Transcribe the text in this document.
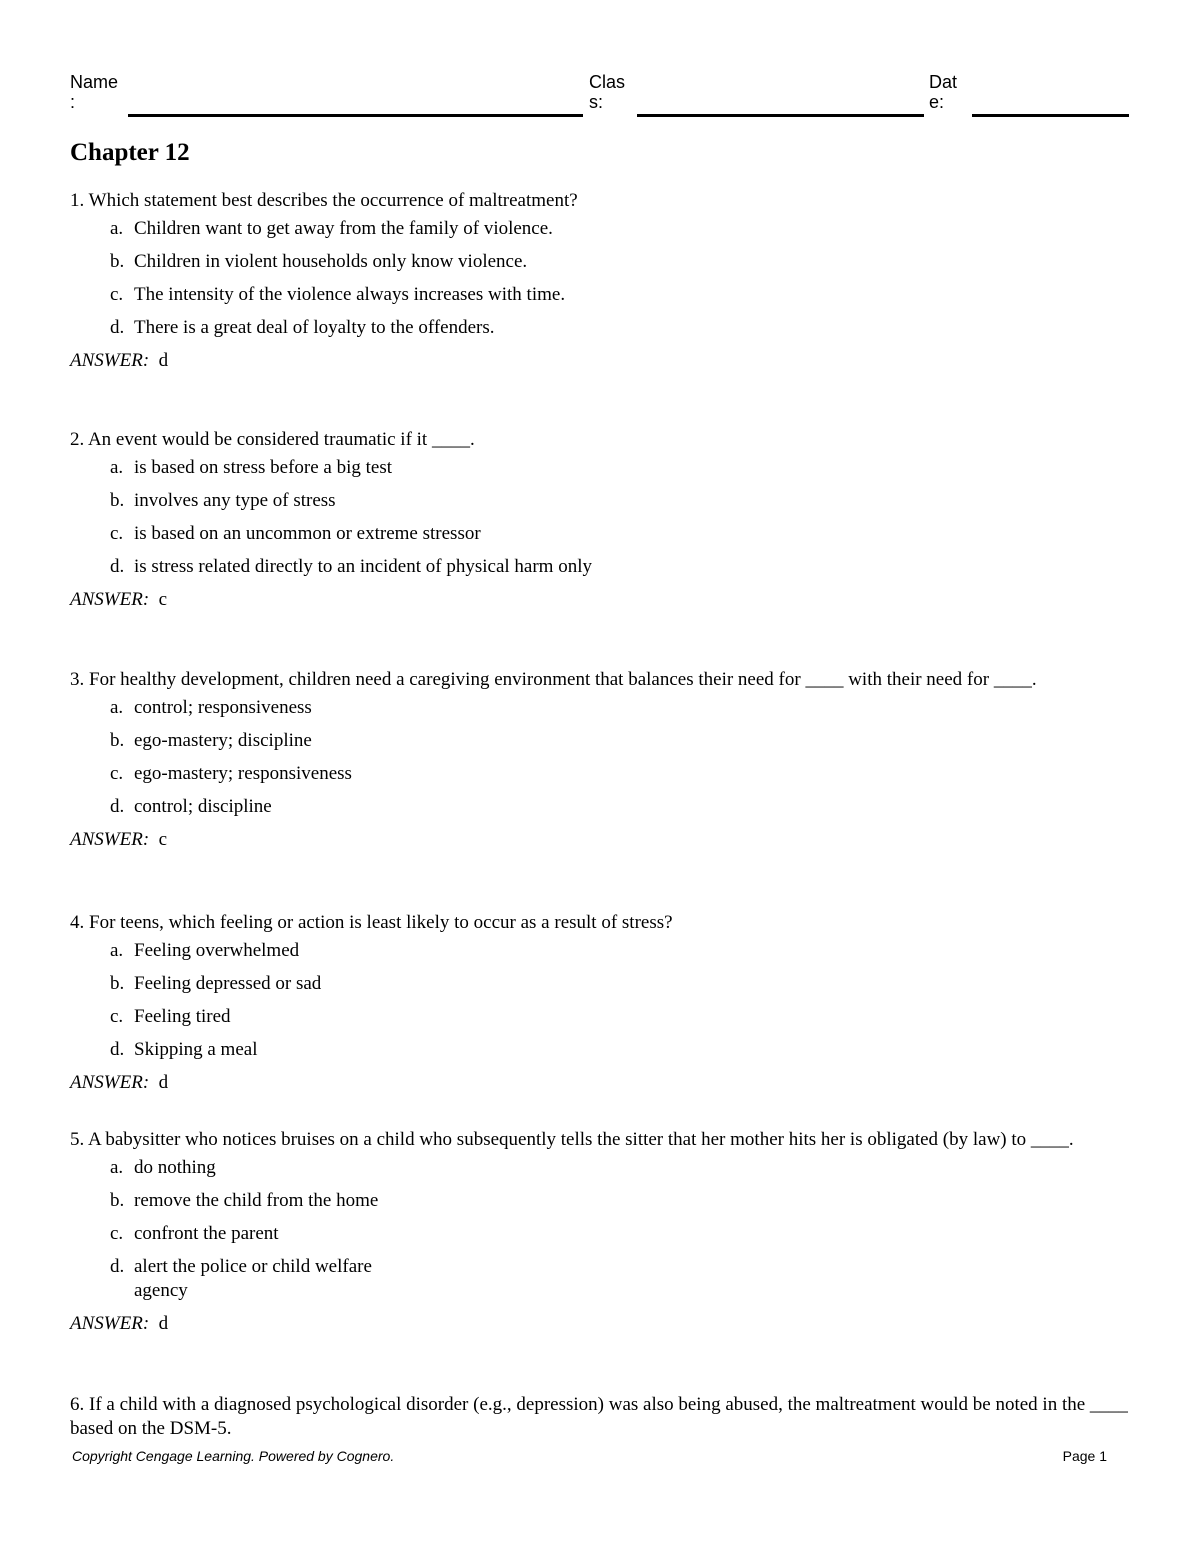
Name
:
Clas
s:
Dat
e:
Chapter 12
1. Which statement best describes the occurrence of maltreatment?
a. Children want to get away from the family of violence.
b. Children in violent households only know violence.
c. The intensity of the violence always increases with time.
d. There is a great deal of loyalty to the offenders.
ANSWER: d
2. An event would be considered traumatic if it ____.
a. is based on stress before a big test
b. involves any type of stress
c. is based on an uncommon or extreme stressor
d. is stress related directly to an incident of physical harm only
ANSWER: c
3. For healthy development, children need a caregiving environment that balances their need for ____ with their need for ____.
a. control; responsiveness
b. ego-mastery; discipline
c. ego-mastery; responsiveness
d. control; discipline
ANSWER: c
4. For teens, which feeling or action is least likely to occur as a result of stress?
a. Feeling overwhelmed
b. Feeling depressed or sad
c. Feeling tired
d. Skipping a meal
ANSWER: d
5. A babysitter who notices bruises on a child who subsequently tells the sitter that her mother hits her is obligated (by law) to ____.
a. do nothing
b. remove the child from the home
c. confront the parent
d. alert the police or child welfare agency
ANSWER: d
6. If a child with a diagnosed psychological disorder (e.g., depression) was also being abused, the maltreatment would be noted in the ____ based on the DSM-5.
Copyright Cengage Learning. Powered by Cognero.	Page 1
